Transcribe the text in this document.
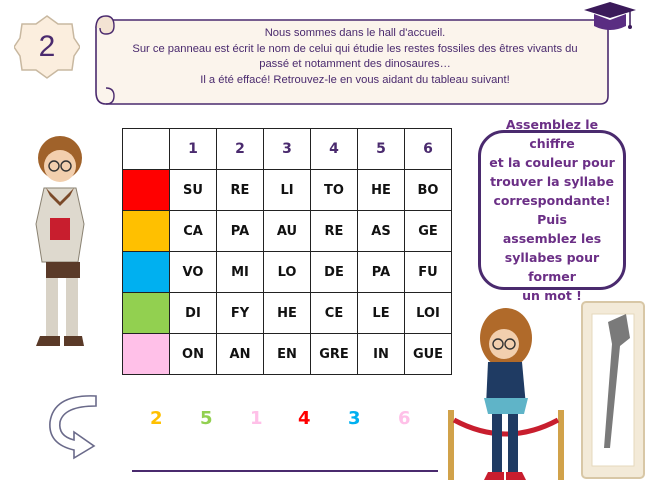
2	Nous sommes dans le hall d'accueil.
Sur ce panneau est écrit le nom de celui qui étudie les restes fossiles des êtres vivants du
passé et notamment des dinosaures…
Il a été effacé! Retrouvez-le en vous aidant du tableau suivant!
	1	2	3	4	5	6
	SU	RE	LI	TO	HE	BO
	CA	PA	AU	RE	AS	GE
	VO	MI	LO	DE	PA	FU
	DI	FY	HE	CE	LE	LOI
	ON	AN	EN	GRE	IN	GUE
Assemblez le chiffre
et la couleur pour
trouver la syllabe
correspondante! Puis
assemblez les
syllabes pour former
un mot !
2 5 1 4 3 6
